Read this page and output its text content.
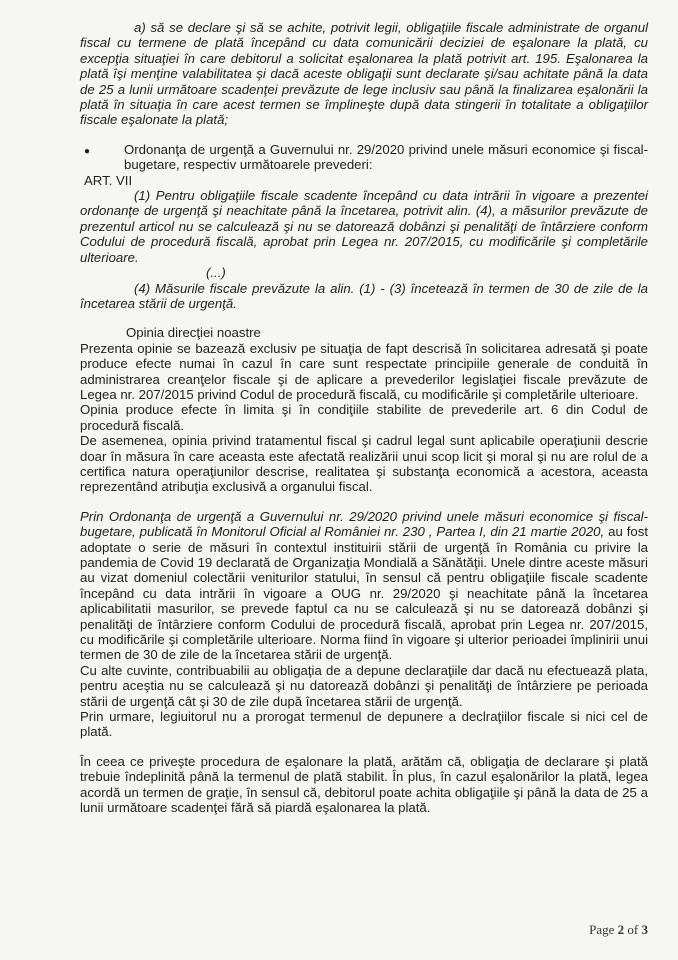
a) să se declare şi să se achite, potrivit legii, obligaţiile fiscale administrate de organul fiscal cu termene de plată începând cu data comunicării deciziei de eşalonare la plată, cu excepţia situaţiei în care debitorul a solicitat eşalonarea la plată potrivit art. 195. Eşalonarea la plată îşi menţine valabilitatea şi dacă aceste obligaţii sunt declarate şi/sau achitate până la data de 25 a lunii următoare scadenţei prevăzute de lege inclusiv sau până la finalizarea eşalonării la plată în situaţia în care acest termen se împlineşte după data stingerii în totalitate a obligaţiilor fiscale eşalonate la plată;

●	Ordonanţa de urgenţă a Guvernului nr. 29/2020 privind unele măsuri economice şi fiscal-bugetare, respectiv următoarele prevederi:

ART. VII

(1) Pentru obligaţiile fiscale scadente începând cu data intrării în vigoare a prezentei ordonanţe de urgenţă şi neachitate până la încetarea, potrivit alin. (4), a măsurilor prevăzute de prezentul articol nu se calculează şi nu se datorează dobânzi şi penalităţi de întârziere conform Codului de procedură fiscală, aprobat prin Legea nr. 207/2015, cu modificările şi completările ulterioare.

(...)

(4) Măsurile fiscale prevăzute la alin. (1) - (3) încetează în termen de 30 de zile de la încetarea stării de urgenţă.

Opinia direcţiei noastre

Prezenta opinie se bazează exclusiv pe situaţia de fapt descrisă în solicitarea adresată şi poate produce efecte numai în cazul în care sunt respectate principiile generale de conduită în administrarea creanţelor fiscale şi de aplicare a prevederilor legislaţiei fiscale prevăzute de Legea nr. 207/2015 privind Codul de procedură fiscală, cu modificările şi completările ulterioare.

Opinia produce efecte în limita şi în condiţiile stabilite de prevederile art. 6 din Codul de procedură fiscală.

De asemenea, opinia privind tratamentul fiscal şi cadrul legal sunt aplicabile operaţiunii descrie doar în măsura în care aceasta este afectată realizării unui scop licit şi moral şi nu are rolul de a certifica natura operaţiunilor descrise, realitatea şi substanţa economică a acestora, aceasta reprezentând atribuţia exclusivă a organului fiscal.

Prin Ordonanţa de urgenţă a Guvernului nr. 29/2020 privind unele măsuri economice şi fiscal-bugetare, publicată în Monitorul Oficial al României nr. 230 , Partea I, din 21 martie 2020, au fost adoptate o serie de măsuri în contextul instituirii stării de urgenţă în România cu privire la pandemia de Covid 19 declarată de Organizaţia Mondială a Sănătăţii. Unele dintre aceste măsuri au vizat domeniul colectării veniturilor statului, în sensul că pentru obligaţiile fiscale scadente începând cu data intrării în vigoare a OUG nr. 29/2020 şi neachitate până la încetarea aplicabilitatii masurilor, se prevede faptul ca nu se calculează şi nu se datorează dobânzi şi penalităţi de întârziere conform Codului de procedură fiscală, aprobat prin Legea nr. 207/2015, cu modificările şi completările ulterioare. Norma fiind în vigoare şi ulterior perioadei împlinirii unui termen de 30 de zile de la încetarea stării de urgenţă.

Cu alte cuvinte, contribuabilii au obligaţia de a depune declaraţiile dar dacă nu efectuează plata, pentru aceştia nu se calculează şi nu datorează dobânzi şi penalităţi de întârziere pe perioada stării de urgenţă cât şi 30 de zile după încetarea stării de urgenţă.

Prin urmare, legiuitorul nu a prorogat termenul de depunere a declraţiilor fiscale si nici cel de plată.

În ceea ce priveşte procedura de eşalonare la plată, arătăm că, obligaţia de declarare şi plată trebuie îndeplinită până la termenul de plată stabilit. În plus, în cazul eşalonărilor la plată, legea acordă un termen de graţie, în sensul că, debitorul poate achita obligaţiile şi până la data de 25 a lunii următoare scadenţei fără să piardă eşalonarea la plată.

Page 2 of 3
